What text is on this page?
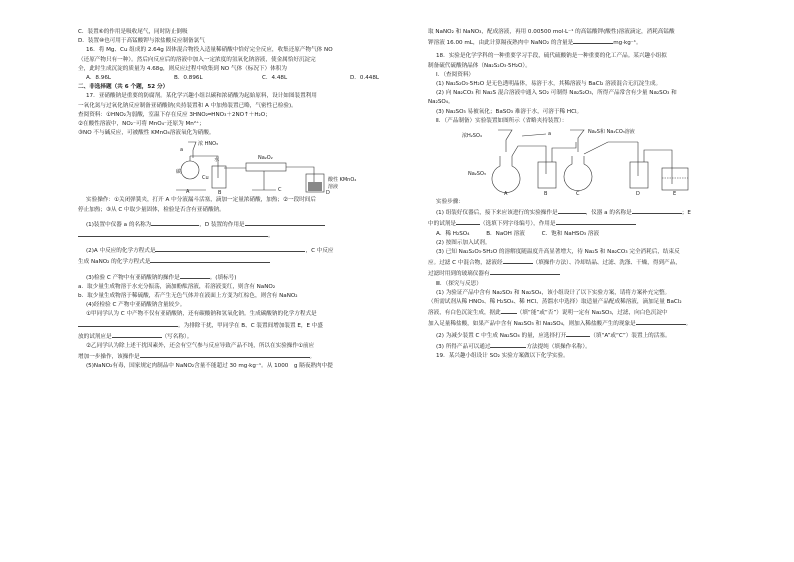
C．装置⑥的作用是吸收尾气，同时防止倒吸
D．装置⑩也可用于高锰酸钾与浓盐酸反应制备氯气
16．将 Mg、Cu 组成的 2.64g 固体混合物投入适量稀硝酸中恰好完全反应，收集还原产物气体 NO
（还原产物只有一种）。然后向反应后的溶液中加入一定浓度的氢氧化钠溶液，使金属恰好沉淀完
全，此时生成沉淀的质量为 4.68g，则反应过程中收集到 NO 气体（标况下）体积为
A．8.96L	B．0.896L	C．4.48L	D．0.448L
二、非选择题（共 6 个题，52 分）
17．亚硝酸钠是重要的防腐剂。某化学兴趣小组以碳和浓硝酸为起始原料，设计如图装置利用
一氧化氮与过氧化钠反应制备亚硝酸钠(夹持装置和 A 中加热装置已略，气密性已检验)。
查阅资料：①HNO₂为弱酸，室温下存在反应 3HNO₂═HNO₃＋2NO↑＋H₂O；
②在酸性溶液中，NO₂⁻可将 MnO₄⁻还原为 Mn²⁺；
③NO 不与碱反应，可被酸性 KMnO₄溶液氧化为硝酸。
浓 HNO₃
a
Na₂O₂
酸性 KMnO₄
溶液
水
Cu
碳
A	B	C	D
实验操作：①关闭弹簧夹，打开 A 中分液漏斗活塞，滴加一定量浓硝酸，加热；②一段时间后
停止加热；③从 C 中取少量固体，检验是否含有亚硝酸钠。
(1)装置中仪器 a 的名称为	，D 装置的作用是
。
(2)A 中反应的化学方程式是	，C 中反应
生成 NaNO₂ 的化学方程式是
(3)检验 C 产物中有亚硝酸钠的操作是	。(填标号)
a．取少量生成物溶于水充分振荡，滴加酚酞溶液，若溶液变红，则含有 NaNO₂
b．取少量生成物溶于稀硫酸，若产生无色气体并在液面上方变为红棕色，则含有 NaNO₂
(4)经检验 C 产物中亚硝酸钠含量较少。
①甲同学认为 C 中产物不仅有亚硝酸钠，还有碳酸钠和氢氧化钠。生成碳酸钠的化学方程式是
。为排除干扰，甲同学在 B、C 装置间增加装置 E，E 中盛
放的试剂应是	（写名称）。
②乙同学认为除上述干扰因素外，还会有空气参与反应导致产品不纯，所以在实验操作①前应
增加一步操作，该操作是	。
(5)NaNO₂有毒，国家规定肉制品中 NaNO₂含量不能超过 30 mg·kg⁻¹。从 1000　g 隔夜熟肉中提
取 NaNO₂ 和 NaNO₃，配成溶液，再用 0.00500 mol·L⁻¹ 的高锰酸钾(酸性)溶液滴定，消耗高锰酸
钾溶液 16.00 mL，由此计算隔夜熟肉中 NaNO₂ 的含量是	mg·kg⁻¹。
18．实验是化学学科的一种重要学习手段，硫代硫酸钠是一种重要的化工产品。某兴趣小组拟
制备硫代硫酸钠晶体（Na₂S₂O₃·5H₂O）。
Ⅰ．（查阅资料）
(1) Na₂S₂O₃·5H₂O 是无色透明晶体，易溶于水，其稀溶液与 BaCl₂ 溶液混合无沉淀生成。
(2) 向 Na₂CO₃ 和 Na₂S 混合溶液中通入 SO₂ 可制得 Na₂S₂O₃，所得产品常含有少量 Na₂SO₃ 和
Na₂SO₄。
(3) Na₂SO₃ 易被氧化；BaSO₃ 难溶于水，可溶于稀 HCl。
Ⅱ．（产品制备）实验装置如图所示（省略夹持装置）：
浓H₂SO₄	a	Na₂S和 Na₂CO₃溶液
Na₂SO₃
A	B	C	D	E
实验步骤：
(1) 组装好仪器后，接下来应该进行的实验操作是	，仪器 a 的名称是	；E
中的试剂是	（选填下列字母编号），作用是
A．稀 H₂SO₄　　　B．NaOH 溶液　　　C．饱和 NaHSO₃ 溶液
(2) 按图示加入试剂。
(3) 已知 Na₂S₂O₃·5H₂O 的溶解度随温度升高显著增大，待 Na₂S 和 Na₂CO₃ 完全消耗后，结束反
应。过滤 C 中混合物，滤液经	（填操作方法）、冷却结晶、过滤、洗涤、干燥，得到产品，
过滤时用到的玻璃仪器有
Ⅲ．（探究与反思）
(1) 为验证产品中含有 Na₂SO₃ 和 Na₂SO₄，该小组设计了以下实验方案，请将方案补充完整。
（所需试剂从稀 HNO₃、稀 H₂SO₄、稀 HCl、蒸馏水中选择）取适量产品配成稀溶液，滴加足量 BaCl₂
溶液，有白色沉淀生成，据此	（填“能”或“否”）说明一定有 Na₂SO₃，过滤，向白色沉淀中
加入足量稀盐酸，如果产品中含有 Na₂SO₃ 和 Na₂SO₄，则加入稀盐酸产生的现象是	。
(2) 为减少装置 C 中生成 Na₂SO₄ 的量，应选择打开	（填“A”或“C”）装置上的活塞。
(3) 所得产品可以通过	方法提纯（填操作名称）。
19．某兴趣小组设计 SO₂ 实验方案做以下化学实验。
